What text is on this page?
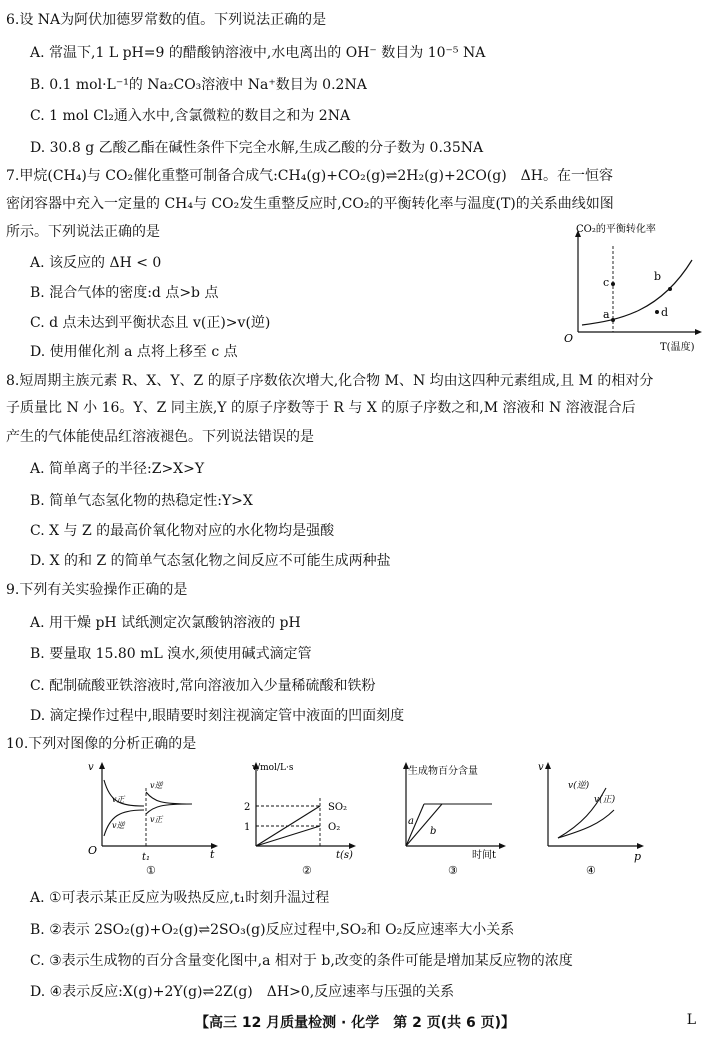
6.设 NA为阿伏加德罗常数的值。下列说法正确的是
A. 常温下,1 L pH=9 的醋酸钠溶液中,水电离出的 OH⁻ 数目为 10⁻⁵ NA
B. 0.1 mol·L⁻¹的 Na₂CO₃溶液中 Na⁺数目为 0.2NA
C. 1 mol Cl₂通入水中,含氯微粒的数目之和为 2NA
D. 30.8 g 乙酸乙酯在碱性条件下完全水解,生成乙酸的分子数为 0.35NA
7.甲烷(CH₄)与 CO₂催化重整可制备合成气:CH₄(g)+CO₂(g)⇌2H₂(g)+2CO(g)　ΔH。在一恒容
密闭容器中充入一定量的 CH₄与 CO₂发生重整反应时,CO₂的平衡转化率与温度(T)的关系曲线如图
所示。下列说法正确的是
A. 该反应的 ΔH < 0
B. 混合气体的密度:d 点>b 点
C. d 点未达到平衡状态且 v(正)>v(逆)
D. 使用催化剂 a 点将上移至 c 点
a
c	b
d
CO₂的平衡转化率
O
T(温度)
8.短周期主族元素 R、X、Y、Z 的原子序数依次增大,化合物 M、N 均由这四种元素组成,且 M 的相对分
子质量比 N 小 16。Y、Z 同主族,Y 的原子序数等于 R 与 X 的原子序数之和,M 溶液和 N 溶液混合后
产生的气体能使品红溶液褪色。下列说法错误的是
A. 简单离子的半径:Z>X>Y
B. 简单气态氢化物的热稳定性:Y>X
C. X 与 Z 的最高价氧化物对应的水化物均是强酸
D. X 的和 Z 的简单气态氢化物之间反应不可能生成两种盐
9.下列有关实验操作正确的是
A. 用干燥 pH 试纸测定次氯酸钠溶液的 pH
B. 要量取 15.80 mL 溴水,须使用碱式滴定管
C. 配制硫酸亚铁溶液时,常向溶液加入少量稀硫酸和铁粉
D. 滴定操作过程中,眼睛要时刻注视滴定管中液面的凹面刻度
10.下列对图像的分析正确的是
v
O	t
t₁
v正
v逆
v逆
v正
①
v/mol/L·s
2
1
SO₂
O₂
t(s)
②
生成物百分含量
a
b
时间t
③
v
v(逆)
v(正)
p
④
A. ①可表示某正反应为吸热反应,t₁时刻升温过程
B. ②表示 2SO₂(g)+O₂(g)⇌2SO₃(g)反应过程中,SO₂和 O₂反应速率大小关系
C. ③表示生成物的百分含量变化图中,a 相对于 b,改变的条件可能是增加某反应物的浓度
D. ④表示反应:X(g)+2Y(g)⇌2Z(g)　ΔH>0,反应速率与压强的关系
【高三 12 月质量检测 · 化学　第 2 页(共 6 页)】	L
